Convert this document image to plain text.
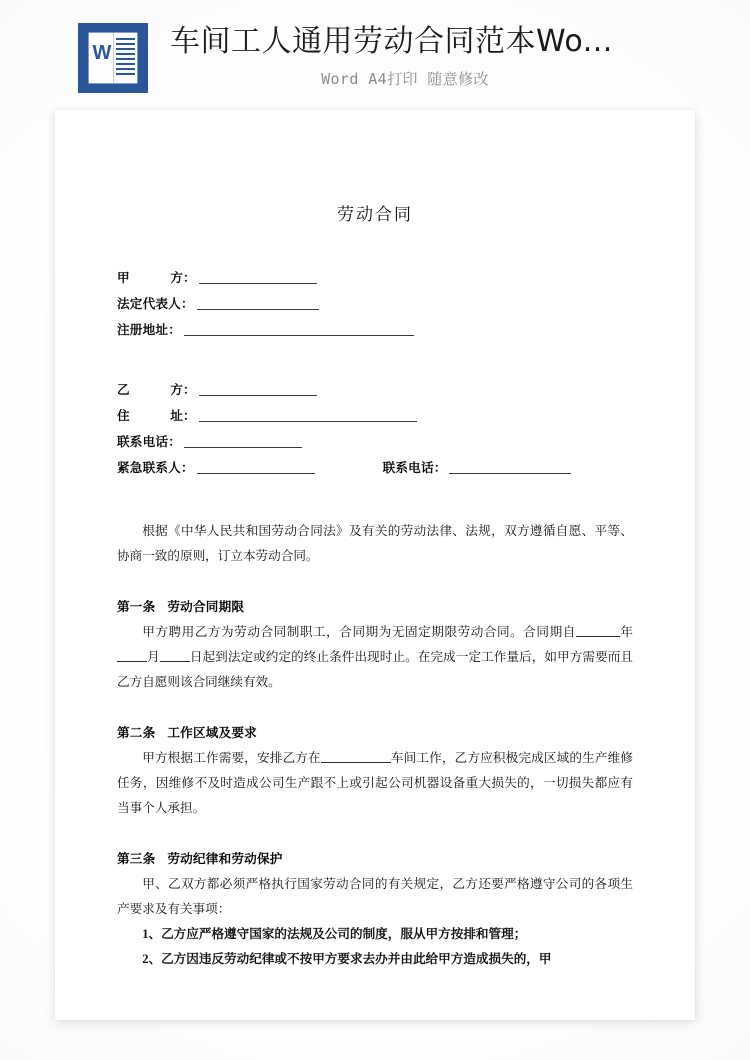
W 车间工人通用劳动合同范本Wo...
Word A4打印 随意修改
劳动合同
甲	方 ：
法定代表人 ：
注册地址 ：
乙	方 ：
住	址 ：
联系电话 ：
紧急联系人 ：	联系电话 ：
根据《中华人民共和国劳动合同法》及有关的劳动法律、法规，双方遵循自愿、平等、协商一致的原则，订立本劳动合同。
第一条 劳动合同期限
甲方聘用乙方为劳动合同制职工，合同期为无固定期限劳动合同。合同期自	年月 日起到法定或约定的终止条件出现时止。在完成一定工作量后，如甲方需要而且乙方自愿则该合同继续有效。
第二条 工作区域及要求
甲方根据工作需要，安排乙方在	车间工作，乙方应积极完成区域的生产维修任务，因维修不及时造成公司生产跟不上或引起公司机器设备重大损失的，一切损失都应有当事个人承担。
第三条 劳动纪律和劳动保护
甲、乙双方都必须严格执行国家劳动合同的有关规定，乙方还要严格遵守公司的各项生产要求及有关事项：
1、乙方应严格遵守国家的法规及公司的制度，服从甲方按排和管理；
2、乙方因违反劳动纪律或不按甲方要求去办并由此给甲方造成损失的，甲
